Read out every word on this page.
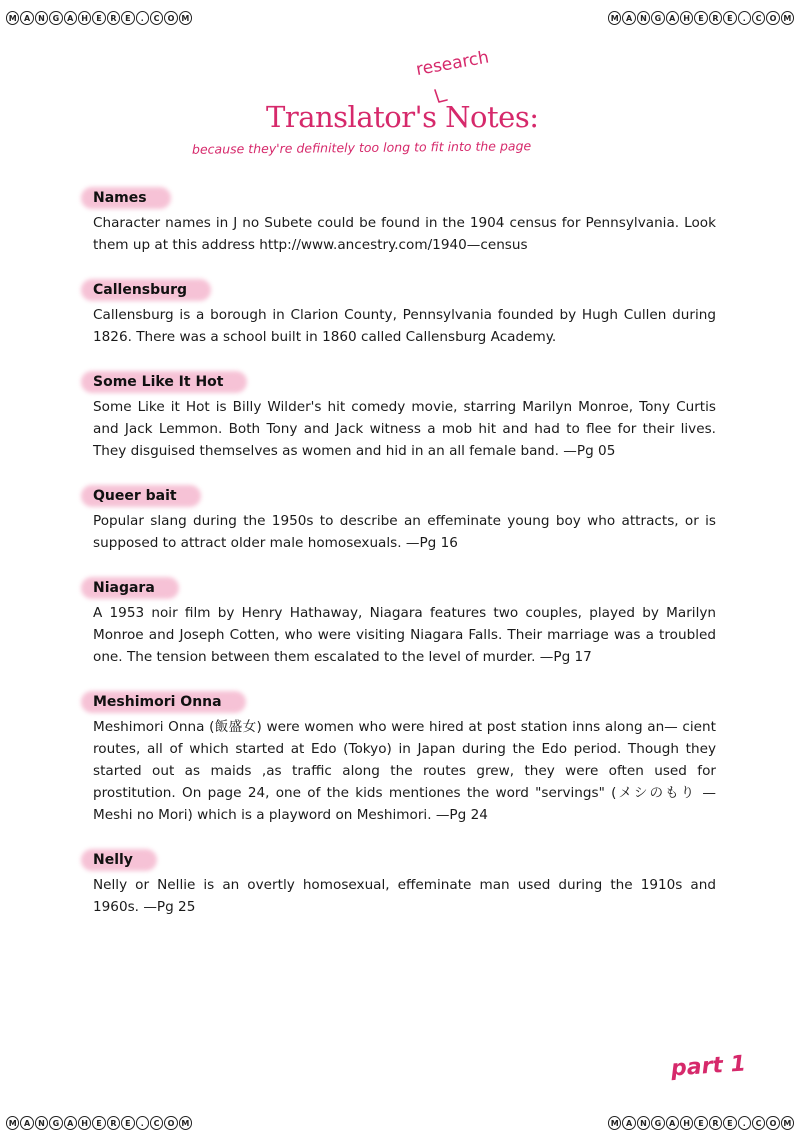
M A N G	A H	E	R	E	.	C	O M	M A N G	A H	E	R	E	.	C	O M
M A N G	A H	E	R	E	.	C	O M	M A N G	A H	E	R	E	.	C	O M
research
Translator's Notes:
because they're definitely too long to fit into the page
Names
Character names in J no Subete could be found in the 1904 census for Pennsylvania. Look them up at this address http://www.ancestry.com/1940—census
Callensburg
Callensburg is a borough in Clarion County, Pennsylvania founded by Hugh Cullen during 1826. There was a school built in 1860 called Callensburg Academy.
Some Like It Hot
Some Like it Hot is Billy Wilder's hit comedy movie, starring Marilyn Monroe, Tony Curtis and Jack Lemmon. Both Tony and Jack witness a mob hit and had to flee for their lives. They disguised themselves as women and hid in an all female band. —Pg 05
Queer bait
Popular slang during the 1950s to describe an effeminate young boy who attracts, or is supposed to attract older male homosexuals. —Pg 16
Niagara
A 1953 noir film by Henry Hathaway, Niagara features two couples, played by Marilyn Monroe and Joseph Cotten, who were visiting Niagara Falls. Their marriage was a troubled one. The tension between them escalated to the level of murder. —Pg 17
Meshimori Onna
Meshimori Onna (飯盛女) were women who were hired at post station inns along an— cient routes, all of which started at Edo (Tokyo) in Japan during the Edo period. Though they started out as maids ,as traffic along the routes grew, they were often used for prostitution. On page 24, one of the kids mentiones the word "servings" (メシのもり — Meshi no Mori) which is a playword on Meshimori. —Pg 24
Nelly
Nelly or Nellie is an overtly homosexual, effeminate man used during the 1910s and 1960s. —Pg 25
part 1
